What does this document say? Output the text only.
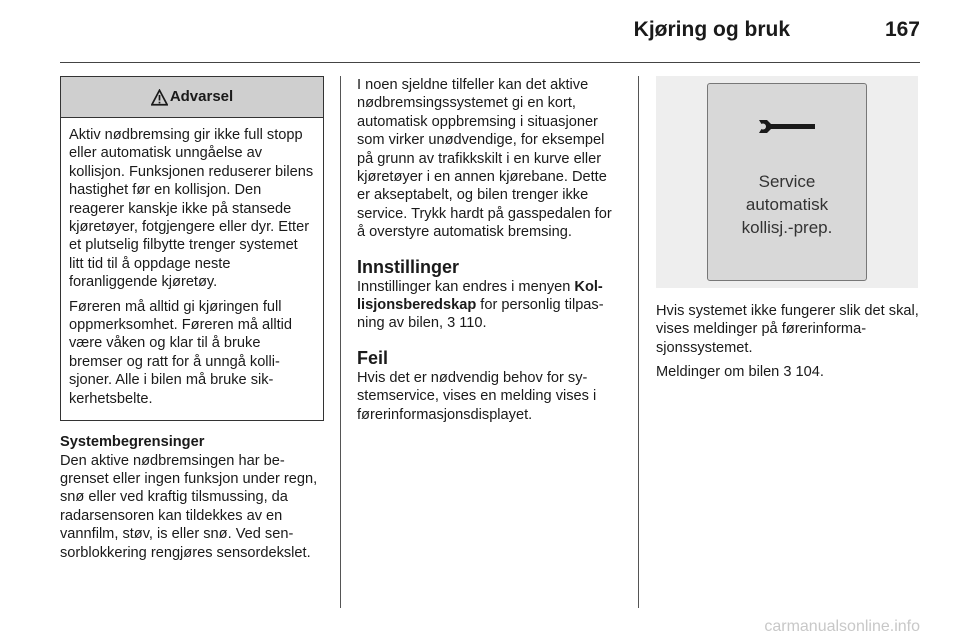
Kjøring og bruk	167
Advarsel

Aktiv nødbremsing gir ikke full stopp eller automatisk unngåelse av kollisjon. Funksjonen reduserer bilens hastighet før en kollisjon. Den reagerer kanskje ikke på stansede kjøretøyer, fotgjengere eller dyr. Etter et plutselig filbytte trenger systemet litt tid til å oppdage neste foranliggende kjøretøy.

Føreren må alltid gi kjøringen full oppmerksomhet. Føreren må alltid være våken og klar til å bruke bremser og ratt for å unngå kollisjoner. Alle i bilen må bruke sikkerhetsbelte.

Systembegrensinger

Den aktive nødbremsingen har begrenset eller ingen funksjon under regn, snø eller ved kraftig tilsmussing, da radarsensoren kan tildekkes av en vannfilm, støv, is eller snø. Ved sensorblokkering rengjøres sensordekslet.

I noen sjeldne tilfeller kan det aktive nødbremsingssystemet gi en kort, automatisk oppbremsing i situasjoner som virker unødvendige, for eksempel på grunn av trafikkskilt i en kurve eller kjøretøyer i en annen kjørebane. Dette er akseptabelt, og bilen trenger ikke service. Trykk hardt på gasspedalen for å overstyre automatisk bremsing.

Innstillinger

Innstillinger kan endres i menyen Kollisjonsberedskap for personlig tilpasning av bilen, 3 110.

Feil

Hvis det er nødvendig behov for systemservice, vises en melding vises i førerinformasjonsdisplayet.

Service
automatisk
kollisj.-prep.

Hvis systemet ikke fungerer slik det skal, vises meldinger på førerinformasjonssystemet.

Meldinger om bilen 3 104.

carmanualsonline.info
